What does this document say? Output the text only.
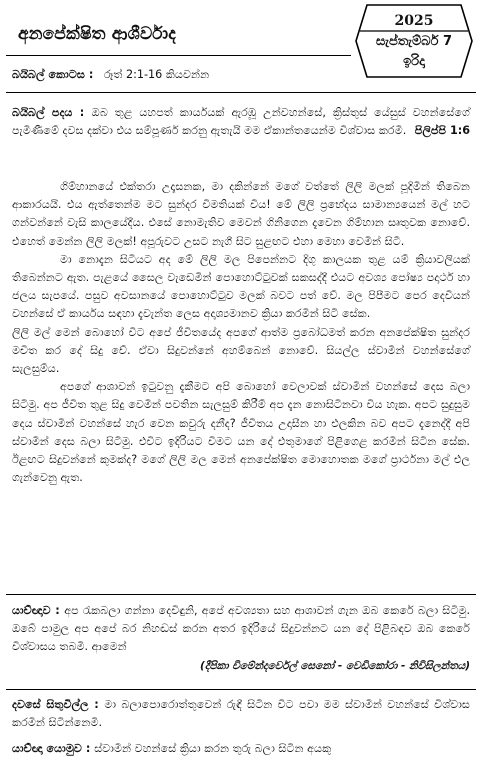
අනපේක්ෂිත ආශීර්වාද
2025
සැප්තැම්බර් 7
ඉරිදා
බයිබල් කොටස : රූත් 2:1-16 කියවන්න
බයිබල් පදය : ඔබ තුළ යහපත් කාර්යයක් ඇරඹූ උන්වහන්සේ, ක්‍රිස්තුස් යේසුස් වහන්සේගේ පැමිණීමේ දවස දක්වා එය සම්පූර්ණ කරනු ඇතැයි මම ඒකාන්තයෙන්ම විශ්වාස කරමි. පිලිප්පි 1:6

ගිම්හානයේ එක්තරා උදෑසනක, මා දකින්නේ මගේ වත්තේ ලිලි මලක් පූදිමින් තිබෙන ආකාරයයි. එය ඇත්තෙන්ම මට සුන්දර විමතියක් විය! මේ ලිලි ප්‍රභේදය සාමාන්‍යයෙන් මල් හට ගන්වන්නේ වැසි කාලයේදීය. එසේ නොමැතිව මෙවන් ගිනිගෙන දැවෙන ගිම්හාන සෘතුවක නොවේ. එහෙත් මෙන්න ලිලි මලක්! අපූරුවට උසට නැගී සිට සුළඟට එහා මෙහා වෙමින් සිටී.

මා නොදැන සිටියට අද මේ ලිලි මල පිපෙන්නට දිගු කාලයක තුළ යම් ක්‍රියාවලියක් තිබෙන්නට ඇත. පැළයේ සෛල වැඩෙමින් පොහොට්ටුවක් සකසද්දී එයට අවශ්‍ය පෝෂ්‍ය පදාර්ථ හා ජලය සැපයේ. පසුව අවසානයේ පොහොට්ටුව මලක් බවට පත් වේ. මල පිපීමට පෙර දෙවියන් වහන්සේ ඒ කාර්යය සඳහා දැවැන්ත ලෙස අදෘශ්‍යමානව ක්‍රියා කරමින් සිටි සේක.

ලිලි මල් මෙන් බොහෝ විට අපේ ජීවිතයේද අපගේ ආත්ම ප්‍රබෝධමත් කරන අනපේක්ෂිත සුන්දර මචිත කර දේ සිදු වේ. ඒවා සිදුවන්නේ අහම්බෙන් නොවේ. සියල්ල ස්වාමීන් වහන්සේගේ සැලසුම්ය.

අපගේ ආශාවන් ඉටුවනු දැකීමට අපි බොහෝ වෙලාවක් ස්වාමීන් වහන්සේ දෙස බලා සිටිමු. අප ජීවිත තුළ සිදු වෙමින් පවතින සැලසුම් කිරීම් අප දැන නොසිටිනවා විය හැක. අපට සුදුසුම දෙය ස්වාමීන් වහන්සේ හැර වෙන කවුරු දනීද? ජීවිතය උදාසීන හා එලකින බව අපට දැනෙද්දී අපි ස්වාමීන් දෙස බලා සිටිමු. එවිට ඉදිරියට විමට යන දේ එතුමාගේ පිළිගෙළ කරමින් සිටින සේක. ඊළඟට සිදුවන්නේ කුමක්ද? මගේ ලිලි මල මෙන් අනපේක්ෂිත මොහොතක මගේ ප්‍රාර්ථනා මල් එල ගැන්වෙනු ඇත.

යාච්ඥාව : අප රැකබලා ගන්නා දෙවිඳුනි, අපේ අවශ්‍යතා සහ ආශාවන් ගැන ඔබ කෙරේ බලා සිටිමු. ඔබේ පාමුල අප අපේ බර නිහඬස් කරන අතර ඉදිරියේ සිදුවන්නට යන දේ පිළිබඳව ඔබ කෙරේ විශ්වාසය තබමි. ආමෙන්
(දීපිකා චිමේන්දර්වෙල් සෙනෝ - වෙඩිකෝරා - නිවිසිලන්තය)
දවසේ සිතුවිල්ල : මා බලාපොරොත්තුවෙන් රුඳී සිටින විට පවා මම ස්වාමීන් වහන්සේ විශ්වාස කරමින් සිටින්නෙමි.
යාච්ඥා යොමුව : ස්වාමීන් වහන්සේ ක්‍රියා කරන තුරු බලා සිටින අයකු
